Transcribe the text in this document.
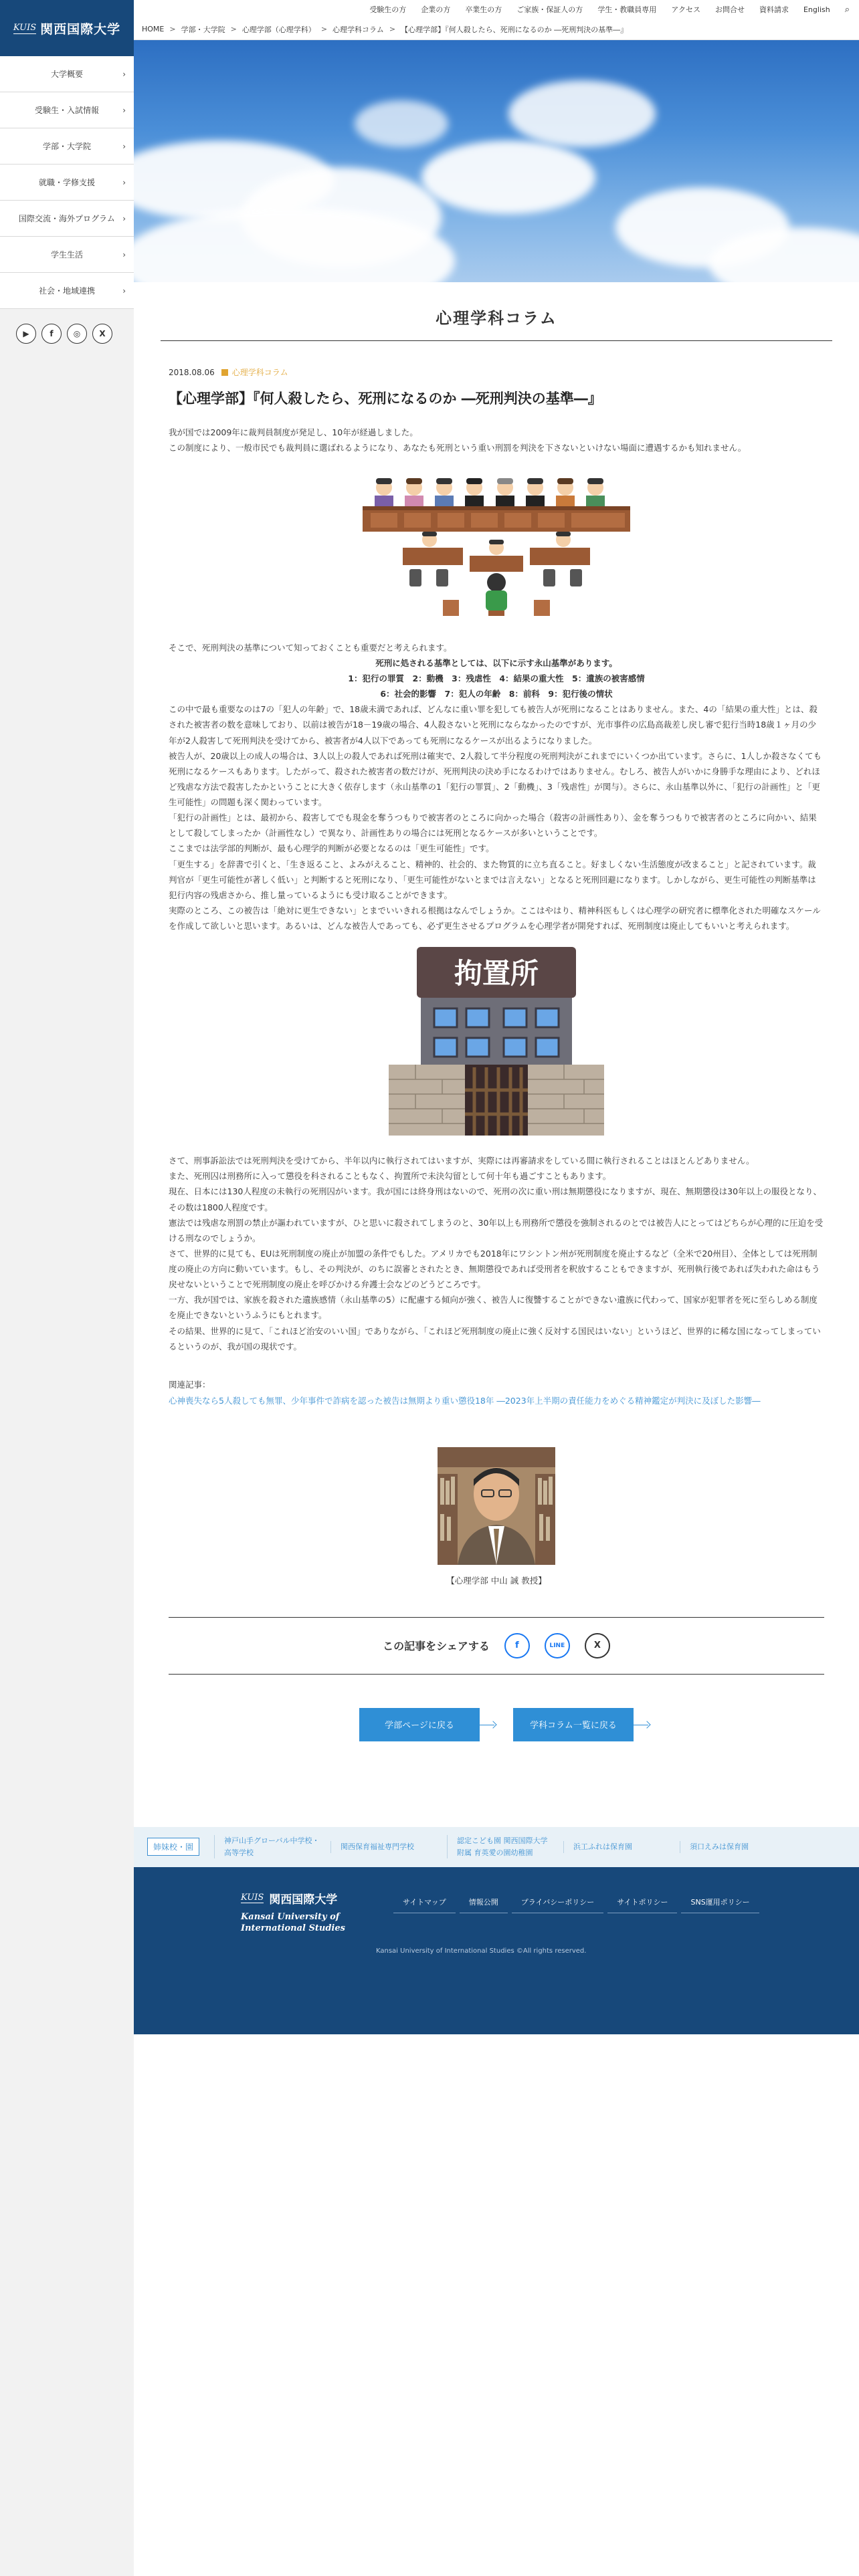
KUIS 関西国際大学
大学概要	›
受験生・入試情報	›
学部・大学院	›
就職・学修支援	›
国際交流・海外プログラム ›
学生生活	›
社会・地域連携	›
▶	f	◎	X
受験生の方 企業の方 卒業生の方 ご家族・保証人の方 学生・教職員専用 アクセス お問合せ 資料請求 English ⌕
HOME > 学部・大学院 > 心理学部（心理学科） > 心理学科コラム > 【心理学部】『何人殺したら、死刑になるのか ―死刑判決の基準―』
心理学科コラム
2018.08.06 心理学科コラム
【心理学部】『何人殺したら、死刑になるのか ―死刑判決の基準―』

我が国では2009年に裁判員制度が発足し、10年が経過しました。

この制度により、一般市民でも裁判員に選ばれるようになり、あなたも死刑という重い刑罰を判決を下さないといけない場面に遭遇するかも知れません。

そこで、死刑判決の基準について知っておくことも重要だと考えられます。

死刑に処される基準としては、以下に示す永山基準があります。

1：犯行の罪質　2：動機　3：残虐性　4：結果の重大性　5：遺族の被害感情

6：社会的影響　7：犯人の年齢　8：前科　9：犯行後の情状

この中で最も重要なのは7の「犯人の年齢」で、18歳未満であれば、どんなに重い罪を犯しても被告人が死刑になることはありません。また、4の「結果の重大性」とは、殺された被害者の数を意味しており、以前は被告が18－19歳の場合、4人殺さないと死刑にならなかったのですが、光市事件の広島高裁差し戻し審で犯行当時18歳１ヶ月の少年が2人殺害して死刑判決を受けてから、被害者が4人以下であっても死刑になるケースが出るようになりました。

被告人が、20歳以上の成人の場合は、3人以上の殺人であれば死刑は確実で、2人殺して半分程度の死刑判決がこれまでにいくつか出ています。さらに、1人しか殺さなくても死刑になるケースもあります。したがって、殺された被害者の数だけが、死刑判決の決め手になるわけではありません。むしろ、被告人がいかに身勝手な理由により、どれほど残虐な方法で殺害したかということに大きく依存します（永山基準の1「犯行の罪質」、2「動機」、3「残虐性」が関与）。さらに、永山基準以外に、「犯行の計画性」と「更生可能性」の問題も深く関わっています。

「犯行の計画性」とは、最初から、殺害してでも現金を奪うつもりで被害者のところに向かった場合（殺害の計画性あり）、金を奪うつもりで被害者のところに向かい、結果として殺してしまったか（計画性なし）で異なり、計画性ありの場合には死刑となるケースが多いということです。

ここまでは法学部的判断が、最も心理学的判断が必要となるのは「更生可能性」です。

「更生する」を辞書で引くと、「生き返ること、よみがえること、精神的、社会的、また物質的に立ち直ること。好ましくない生活態度が改まること」と記されています。裁判官が「更生可能性が著しく低い」と判断すると死刑になり、「更生可能性がないとまでは言えない」となると死刑回避になります。しかしながら、更生可能性の判断基準は犯行内容の残虐さから、推し量っているようにも受け取ることができます。

実際のところ、この被告は「絶対に更生できない」とまでいいきれる根拠はなんでしょうか。ここはやはり、精神科医もしくは心理学の研究者に標準化された明確なスケールを作成して欲しいと思います。あるいは、どんな被告人であっても、必ず更生させるプログラムを心理学者が開発すれば、死刑制度は廃止してもいいと考えられます。

拘置所

さて、刑事訴訟法では死刑判決を受けてから、半年以内に執行されてはいますが、実際には再審請求をしている間に執行されることはほとんどありません。

また、死刑囚は刑務所に入って懲役を科されることもなく、拘置所で未決勾留として何十年も過ごすこともあります。

現在、日本には130人程度の未執行の死刑囚がいます。我が国には終身刑はないので、死刑の次に重い刑は無期懲役になりますが、現在、無期懲役は30年以上の服役となり、その数は1800人程度です。

憲法では残虐な刑罰の禁止が謳われていますが、ひと思いに殺されてしまうのと、30年以上も刑務所で懲役を強制されるのとでは被告人にとってはどちらが心理的に圧迫を受ける刑なのでしょうか。

さて、世界的に見ても、EUは死刑制度の廃止が加盟の条件でもした。アメリカでも2018年にワシントン州が死刑制度を廃止するなど（全米で20州目）、全体としては死刑制度の廃止の方向に動いています。もし、その判決が、のちに誤審とされたとき、無期懲役であれば受刑者を釈放することもできますが、死刑執行後であれば失われた命はもう戻せないということで死刑制度の廃止を呼びかける弁護士会などのどうどころです。

一方、我が国では、家族を殺された遺族感情（永山基準の5）に配慮する傾向が強く、被告人に復讐することができない遺族に代わって、国家が犯罪者を死に至らしめる制度を廃止できないというふうにもとれます。

その結果、世界的に見て、「これほど治安のいい国」でありながら、「これほど死刑制度の廃止に強く反対する国民はいない」というほど、世界的に稀な国になってしまっているというのが、我が国の現状です。

関連記事：

心神喪失なら5人殺しても無罪、少年事件で詐病を認った被告は無期より重い懲役18年 ―2023年上半期の責任能力をめぐる精神鑑定が判決に及ぼした影響―

【心理学部 中山 誠 教授】

この記事をシェアする	f	LINE	X
学部ページに戻る	学科コラム一覧に戻る
姉妹校・園
神戸山手グローバル中学校・高等学校
関西保育福祉専門学校
認定こども園 関西国際大学附属 育英愛の園幼稚園
浜工ふれは保育園	須口えみは保育園
KUIS 関西国際大学
Kansai University of
International Studies
サイトマップ	情報公開	プライバシーポリシー	サイトポリシー	SNS運用ポリシー
Kansai University of International Studies ©All rights reserved.
